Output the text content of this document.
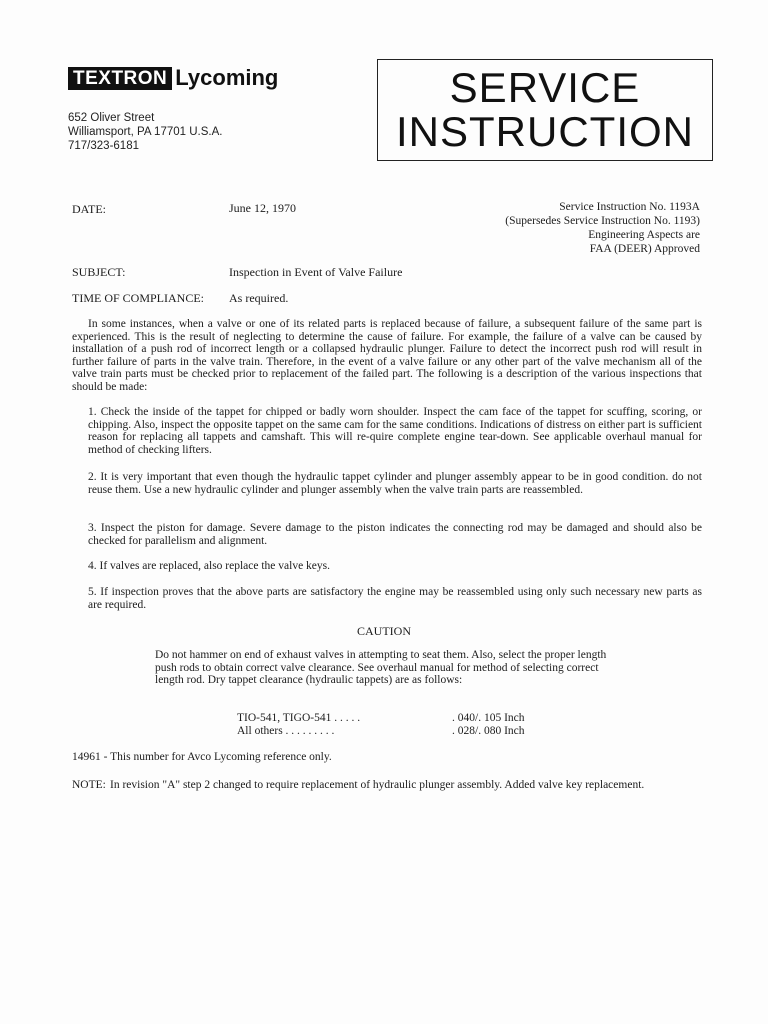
TEXTRON Lycoming
652 Oliver Street
Williamsport, PA 17701 U.S.A.
717/323-6181
SERVICE
INSTRUCTION
DATE:	June 12, 1970	Service Instruction No. 1193A
(Supersedes Service Instruction No. 1193)
Engineering Aspects are
FAA (DEER) Approved
SUBJECT:	Inspection in Event of Valve Failure
TIME OF COMPLIANCE: As required.
In some instances, when a valve or one of its related parts is replaced because of failure, a subsequent failure of the same part is experienced. This is the result of neglecting to determine the cause of failure. For example, the failure of a valve can be caused by installation of a push rod of incorrect length or a collapsed hydraulic plunger. Failure to detect the incorrect push rod will result in further failure of parts in the valve train. Therefore, in the event of a valve failure or any other part of the valve mechanism all of the valve train parts must be checked prior to replacement of the failed part. The following is a description of the various inspections that should be made:
1. Check the inside of the tappet for chipped or badly worn shoulder. Inspect the cam face of the tappet for scuffing, scoring, or chipping. Also, inspect the opposite tappet on the same cam for the same conditions. Indications of distress on either part is sufficient reason for replacing all tappets and camshaft. This will re-quire complete engine tear-down. See applicable overhaul manual for method of checking lifters.
2. It is very important that even though the hydraulic tappet cylinder and plunger assembly appear to be in good condition. do not reuse them. Use a new hydraulic cylinder and plunger assembly when the valve train parts are reassembled.
3. Inspect the piston for damage. Severe damage to the piston indicates the connecting rod may be damaged and should also be checked for parallelism and alignment.
4. If valves are replaced, also replace the valve keys.
5. If inspection proves that the above parts are satisfactory the engine may be reassembled using only such necessary new parts as are required.
CAUTION
Do not hammer on end of exhaust valves in attempting to seat them. Also, select the proper length push rods to obtain correct valve clearance. See overhaul manual for method of selecting correct length rod. Dry tappet clearance (hydraulic tappets) are as follows:
TIO-541, TIGO-541 . . . . .	. 040/. 105 Inch
All others . . . . . . . . .	. 028/. 080 Inch
14961 - This number for Avco Lycoming reference only.
NOTE: In revision "A" step 2 changed to require replacement of hydraulic plunger assembly. Added valve key replacement.
